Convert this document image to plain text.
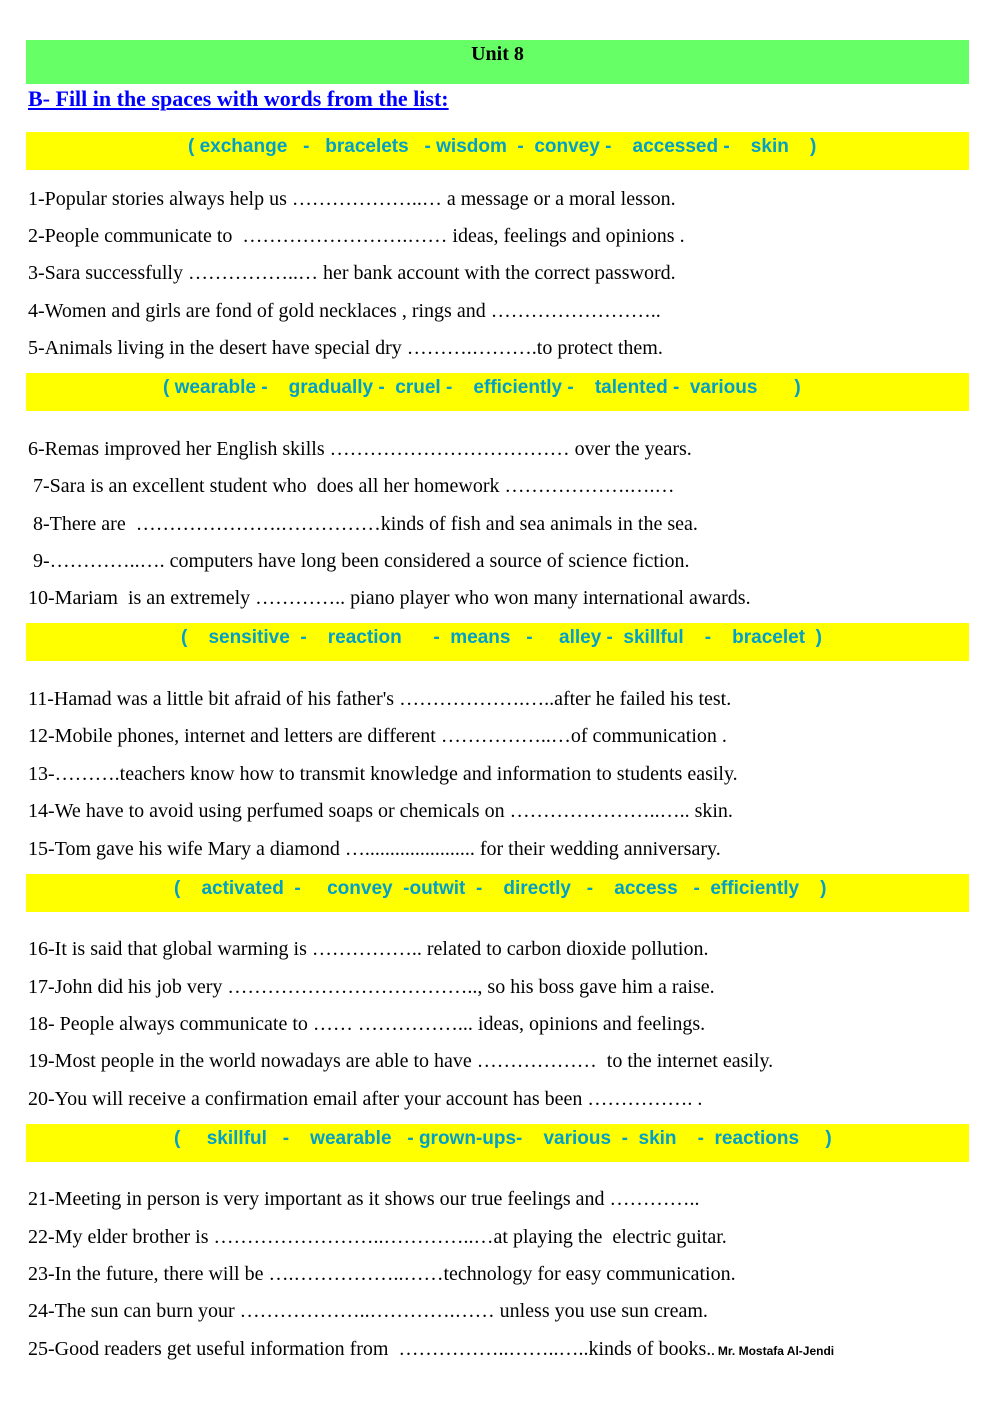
Unit 8
B- Fill in the spaces with words from the list:

( exchange   -   bracelets   - wisdom  -  convey -    accessed -    skin    )

( wearable -    gradually -  cruel -    efficiently -    talented -  various       )

(    sensitive  -    reaction      -  means   -     alley -  skillful    -    bracelet  )

(    activated  -     convey  -outwit  -    directly   -    access   -  efficiently    )

(     skillful   -    wearable   - grown-ups-    various  -  skin    -  reactions     )

1-Popular stories always help us ………………..… a message or a moral lesson.
2-People communicate to  …………………….…… ideas, feelings and opinions .
3-Sara successfully ……………..… her bank account with the correct password.
4-Women and girls are fond of gold necklaces , rings and ……………………..
5-Animals living in the desert have special dry ……….……….to protect them.
6-Remas improved her English skills ……………………………… over the years.
7-Sara is an excellent student who  does all her homework ……………….….…
8-There are  ………………….……………kinds of fish and sea animals in the sea.
9-…………..…. computers have long been considered a source of science fiction.
10-Mariam  is an extremely ………….. piano player who won many international awards.
11-Hamad was a little bit afraid of his father's ……………….…..after he failed his test.
12-Mobile phones, internet and letters are different ……………..…of communication .
13-……….teachers know how to transmit knowledge and information to students easily.
14-We have to avoid using perfumed soaps or chemicals on …………………..….. skin.
15-Tom gave his wife Mary a diamond …...................... for their wedding anniversary.
16-It is said that global warming is …………….. related to carbon dioxide pollution.
17-John did his job very ……………………………….., so his boss gave him a raise.
18- People always communicate to …… ……………... ideas, opinions and feelings.
19-Most people in the world nowadays are able to have ………………  to the internet easily.
20-You will receive a confirmation email after your account has been ……………. .
21-Meeting in person is very important as it shows our true feelings and …………..
22-My elder brother is ……………………..…………..…at playing the  electric guitar.
23-In the future, there will be ….……………..……technology for easy communication.
24-The sun can burn your ………………..………….…… unless you use sun cream.
25-Good readers get useful information from  ……………..……..…..kinds of books.. Mr. Mostafa Al-Jendi
